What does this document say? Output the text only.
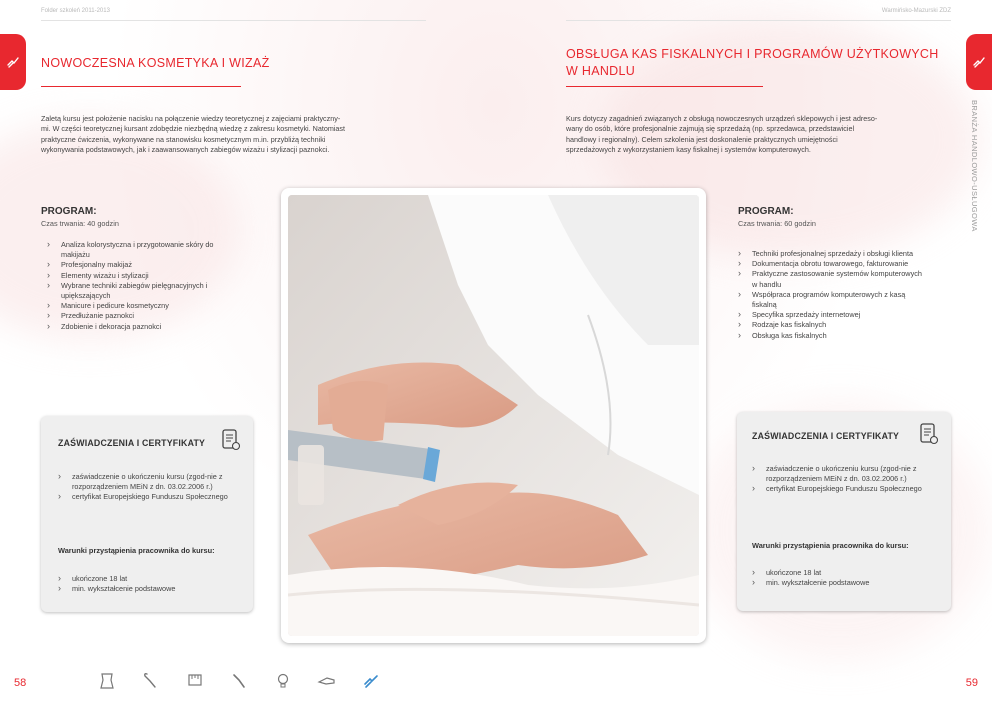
Folder szkoleń 2011-2013	Warmińsko-Mazurski ZDZ
BRANŻA HANDLOWO-USŁUGOWA
NOWOCZESNA KOSMETYKA I WIZAŻ
Zaletą kursu jest położenie nacisku na połączenie wiedzy teoretycznej z zajęciami praktyczny-
mi. W części teoretycznej kursant zdobędzie niezbędną wiedzę z zakresu kosmetyki. Natomiast
praktyczne ćwiczenia, wykonywane na stanowisku kosmetycznym m.in. przybliżą techniki
wykonywania podstawowych, jak i zaawansowanych zabiegów wizażu i stylizacji paznokci.
PROGRAM:
Czas trwania: 40 godzin
› Analiza kolorystyczna i przygotowanie skóry do makijażu
› Profesjonalny makijaż
› Elementy wizażu i stylizacji
› Wybrane techniki zabiegów pielęgnacyjnych i upiększających
› Manicure i pedicure kosmetyczny
› Przedłużanie paznokci
› Zdobienie i dekoracja paznokci
ZAŚWIADCZENIA I CERTYFIKATY
› zaświadczenie o ukończeniu kursu (zgod-nie z rozporządzeniem MEiN z dn. 03.02.2006 r.)
› certyfikat Europejskiego Funduszu Społecznego
Warunki przystąpienia pracownika do kursu:
› ukończone 18 lat
› min. wykształcenie podstawowe
OBSŁUGA KAS FISKALNYCH I PROGRAMÓW UŻYTKOWYCH
W HANDLU
Kurs dotyczy zagadnień związanych z obsługą nowoczesnych urządzeń sklepowych i jest adreso-
wany do osób, które profesjonalnie zajmują się sprzedażą (np. sprzedawca, przedstawiciel
handlowy i regionalny). Celem szkolenia jest doskonalenie praktycznych umiejętności
sprzedażowych z wykorzystaniem kasy fiskalnej i systemów komputerowych.
PROGRAM:
Czas trwania: 60 godzin
› Techniki profesjonalnej sprzedaży i obsługi klienta
› Dokumentacja obrotu towarowego, fakturowanie
› Praktyczne zastosowanie systemów komputerowych w handlu
› Współpraca programów komputerowych z kasą fiskalną
› Specyfika sprzedaży internetowej
› Rodzaje kas fiskalnych
› Obsługa kas fiskalnych
ZAŚWIADCZENIA I CERTYFIKATY
› zaświadczenie o ukończeniu kursu (zgod-nie z rozporządzeniem MEiN z dn. 03.02.2006 r.)
› certyfikat Europejskiego Funduszu Społecznego
Warunki przystąpienia pracownika do kursu:
› ukończone 18 lat
› min. wykształcenie podstawowe
58	59
